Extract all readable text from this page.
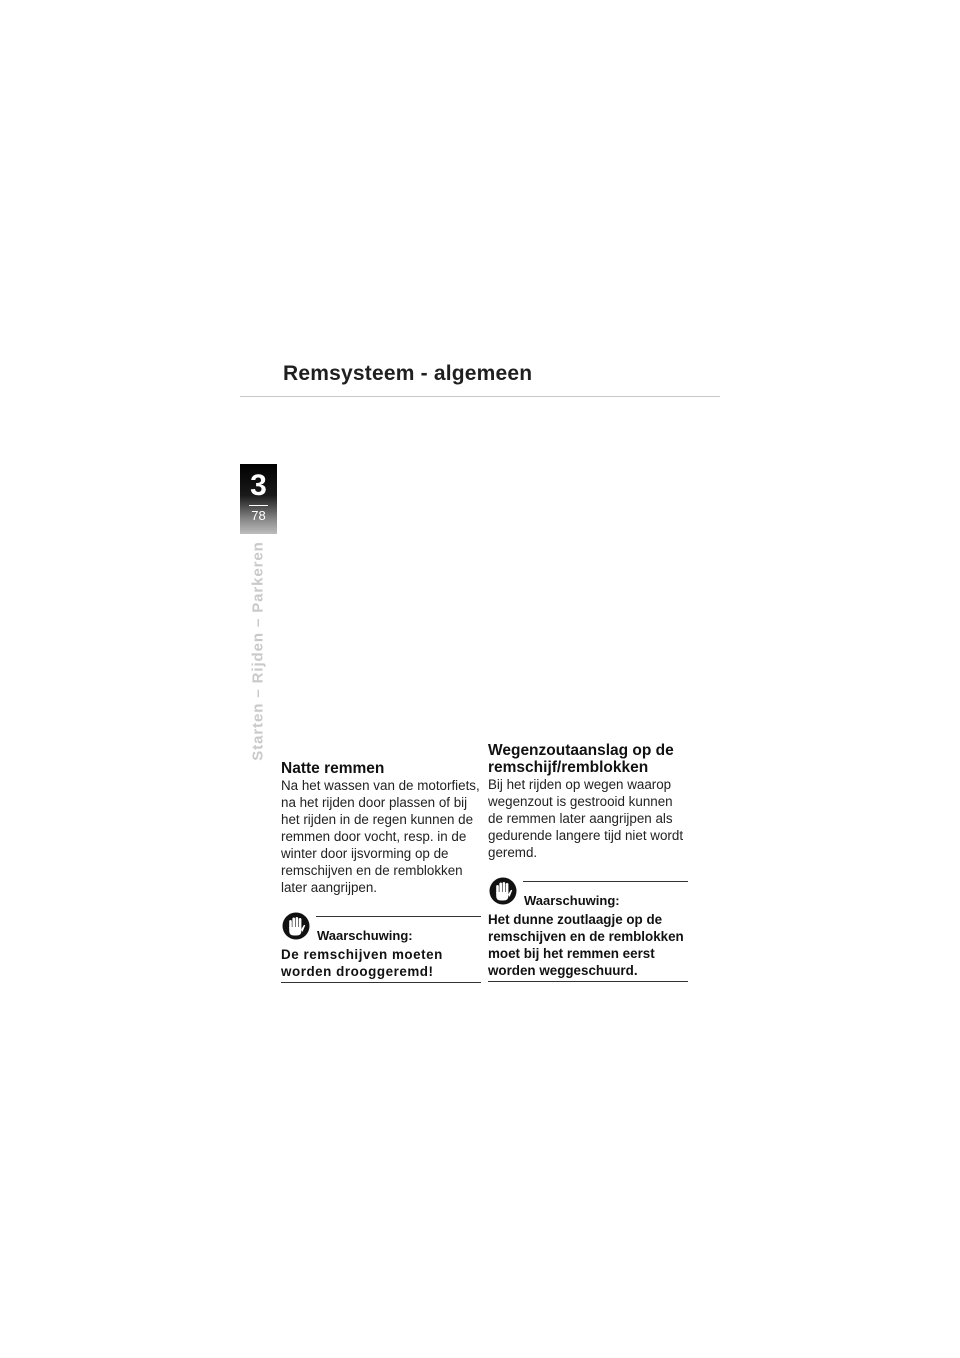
Remsysteem - algemeen
3
78
Starten – Rijden – Parkeren
Natte remmen

Na het wassen van de motorfiets, na het rijden door plassen of bij het rijden in de regen kunnen de remmen door vocht, resp. in de winter door ijsvorming op de remschijven en de remblokken later aangrijpen.

Waarschuwing:
De remschijven moeten worden drooggeremd!
Wegenzoutaanslag op de remschijf/remblokken

Bij het rijden op wegen waarop wegenzout is gestrooid kunnen de remmen later aangrijpen als gedurende langere tijd niet wordt geremd.

Waarschuwing:
Het dunne zoutlaagje op de remschijven en de remblokken moet bij het remmen eerst worden weggeschuurd.
